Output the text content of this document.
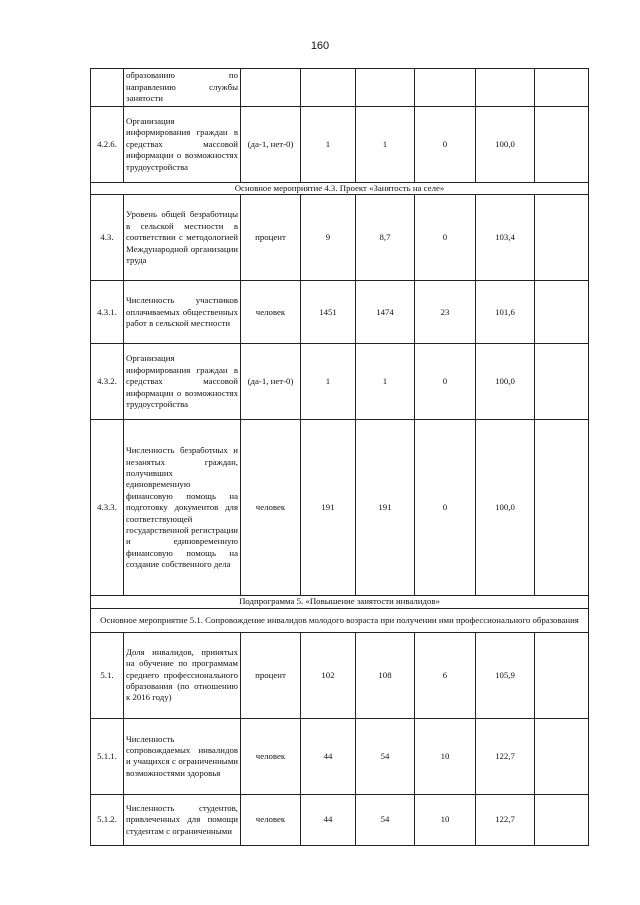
160
	образованию по направлению службы занятости						
4.2.6.	Организация информирования граждан в средствах массовой информации о возможностях трудоустройства	(да-1, нет-0)	1	1	0	100,0	
Основное мероприятие 4.3. Проект «Занятость на селе»							
4.3.	Уровень общей безработицы в сельской местности в соответствии с методологией Международной организации труда	процент	9	8,7	0	103,4	
4.3.1.	Численность участников оплачиваемых общественных работ в сельской местности	человек	1451	1474	23	101,6	
4.3.2.	Организация информирования граждан в средствах массовой информации о возможностях трудоустройства	(да-1, нет-0)	1	1	0	100,0	
4.3.3.	Численность безработных и незанятых граждан, получивших единовременную финансовую помощь на подготовку документов для соответствующей государственной регистрации и единовременную финансовую помощь на создание собственного дела	человек	191	191	0	100,0	
Подпрограмма 5. «Повышение занятости инвалидов»							
Основное мероприятие 5.1. Сопровождение инвалидов молодого возраста при получении ими профессионального образования							
5.1.	Доля инвалидов, принятых на обучение по программам среднего профессионального образования (по отношению к 2016 году)	процент	102	108	6	105,9	
5.1.1.	Численность сопровождаемых инвалидов и учащихся с ограниченными возможностями здоровья	человек	44	54	10	122,7	
5.1.2.	Численность студентов, привлеченных для помощи студентам с ограниченными	человек	44	54	10	122,7	
